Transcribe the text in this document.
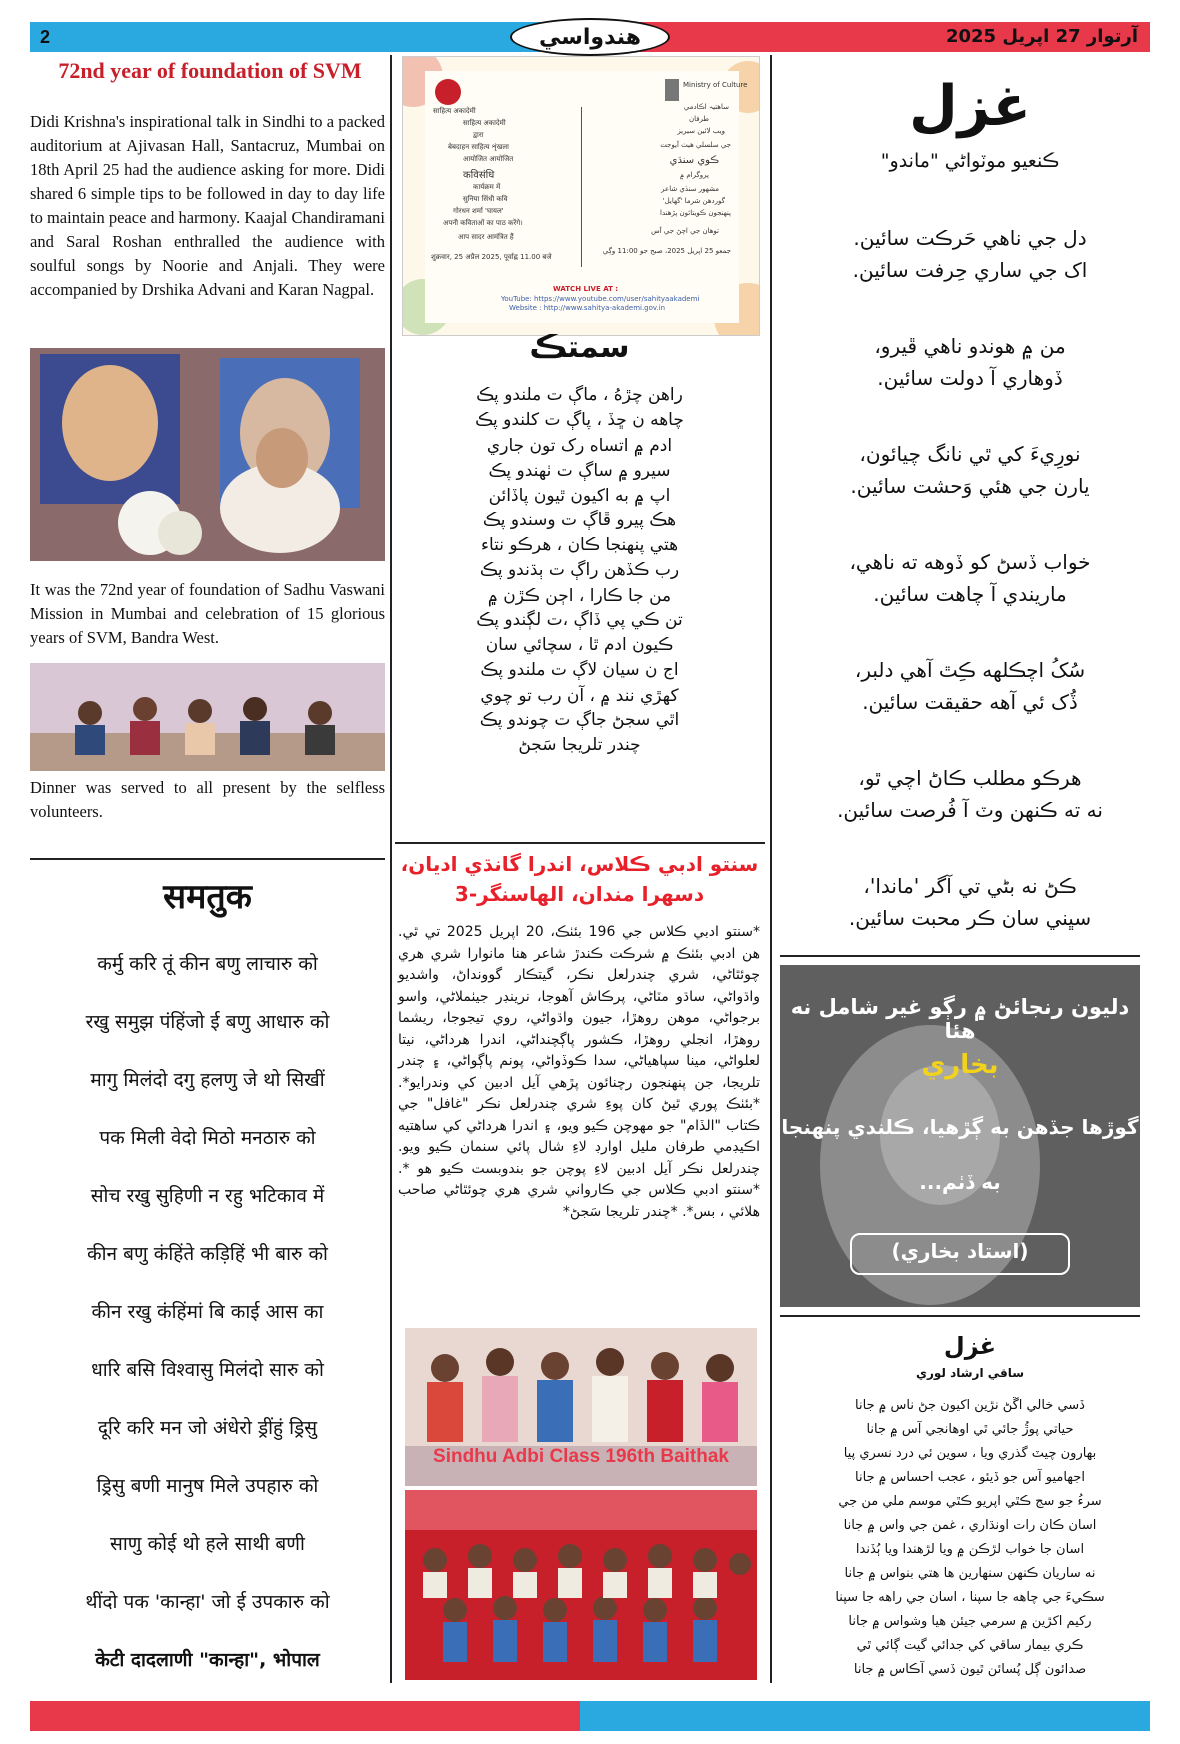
2	هندواسي	آرتوار 27 اپريل 2025
72nd year of foundation of SVM
Didi Krishna's inspirational talk in Sindhi to a packed auditorium at Ajivasan Hall, Santacruz, Mumbai on 18th April 25 had the audience asking for more. Didi shared 6 simple tips to be followed in day to day life to maintain peace and harmony. Kaajal Chandiramani and Saral Roshan enthralled the audience with soulful songs by Noorie and Anjali. They were accompanied by Drshika Advani and Karan Nagpal.
It was the 72nd year of foundation of Sadhu Vaswani Mission in Mumbai and celebration of 15 glorious years of SVM, Bandra West.
Dinner was served to all present by the selfless volunteers.
समतुक
कर्मु करि तूं कीन बणु लाचारु को
रखु समुझ पंहिंजो ई बणु आधारु को
मागु मिलंदो दगु हलणु जे थो सिखीं
पक मिली वेदो मिठो मनठारु को
सोच रखु सुहिणी न रहु भटिकाव में
कीन बणु कंहिंते कड़िहिं भी बारु को
कीन रखु कंहिंमां बि काई आस का
धारि बसि विश्वासु मिलंदो सारु को
दूरि करि मन जो अंधेरो ड्रींहुं ड्रिसु
ड्रिसु बणी मानुष मिले उपहारु को
साणु कोई थो हले साथी बणी
थींदो पक 'कान्हा' जो ई उपकारु को
केटी दादलाणी "कान्हा", भोपाल
साहित्य अकादेमी
Ministry of Culture
साहित्य अकादेमी
द्वारा
बेबदाहन साहित्य शृंखला
आयोजित आयोजित
कविसंधि
कार्यक्रम में
सुनिया सिंधी कवि
गोरधन शर्मा 'घायल'
अपनी कविताओं का पाठ करेंगे।
आप सादर आमंत्रित हैं
शुक्रवार, 25 अप्रैल 2025, पूर्वाह्न 11.00 बजे
ساهتيہ اڪادمي
طرفان
ويب لائين سيريز
جي سلسلي هيٺ آيوجت
ڪوي سنڌي
پروگرام ۾
مشهور سنڌي شاعر
گوردهن شرما 'گهايل'
پنهنجون ڪويتائون پڙهندا
توهان جي اچڻ جي آس
جمعو 25 اپريل 2025، صبح جو 11:00 وڳي
WATCH LIVE AT :
YouTube: https://www.youtube.com/user/sahityaakademi
Website : http://www.sahitya-akademi.gov.in
سمتڪ
راهن چڙهُ ، ماڳ ت ملندو پڪ
چاهه ن ڇڏ ، پاڳ ت کلندو پڪ
ادم ۾ اتساه رک تون جاري
سيرو ۾ ساڳ ت ٺهندو پڪ
اپ ۾ به اکيون ٿيون پاڏائن
هڪ پيرو ڦاڳ ت وسندو پڪ
هتي پنهنجا ڪان ، هرڪو نتاء
رب ڪڏهن راڳ ت ٻڌندو پڪ
من جا ڪارا ، اڄن ڪڙن ۾
تن ڪي پي ڏاڳ ،ت لڳندو پڪ
ڪيون ادم ٿا ، سچائي سان
اج ن سيان لاڳ ت ملندو پڪ
کهڙي نند ۾ ، آن رب تو چوي
اٿي سجڻ جاڳ ت چوندو پڪ
چندر تلريجا سَجڻ
سنتو ادبي ڪلاس، اندرا گانڌي اديان،
دسهرا مندان، الهاسنگر-3
*سنتو ادبي ڪلاس جي 196 بئٺڪ، 20 اپريل 2025 تي ٿي. هن ادبي بئٺڪ ۾ شرڪت ڪندڙ شاعر هنا مانوارا شري هري چوئٿاڻي، شري چندرلعل نڪر، گيتڪار گوونداڻ، واشديو واڌواڻي، ساڌو مٽاڻي، پرڪاش آهوجا، نرينڊر جيٺملاڻي، واسو برجواڻي، موهن روهڙا، جيون واڌواڻي، روي تيجوجا، ريشما روهڙا، انجلي روهڙا، ڪشور پاڳچنداڻي، اندرا هرداڻي، نيتا لعلواڻي، مينا سپاهياڻي، سدا ڪوڏواڻي، پونم پاڳواڻي، ۽ چندر تلريجا، جن پنهنجون رچنائون پڙهي آيل ادبين کي وندرايو*. *بئٺڪ پوري ٿيڻ کان پوءِ شري چندرلعل نڪر "غافل" جي ڪتاب "الڏام" جو مهوچن ڪيو ويو، ۽ اندرا هرداڻي کي ساهتيه اڪيڊمي طرفان مليل اوارڊ لاءِ شال پائي سنمان ڪيو ويو. چندرلعل نڪر آيل ادبين لاءِ پوچن جو بندوبست ڪيو هو *. *سنتو ادبي ڪلاس جي ڪارواني شري هري چوئٿاڻي صاحب هلائي ، بس*. *چندر تلريجا سَجڻ*
Sindhu Adbi Class 196th Baithak
غزل
ڪنعيو موٽواڻي "ماندو"
دل جي ناهي حَرڪت سائين.
اک جي ساري حِرفت سائين.
من ۾ هوندو ناهي ڦيرو،
ڏوهاري آ دولت سائين.
نورِيءَ کي ٿي نانگ چيائون،
يارن جي هئي وَحشت سائين.
خواب ڏسڻ کو ڏوهه ته ناهي،
ماريندي آ چاهت سائين.
سُکُ اچڪلهه ڪِٿ آهي دلبر،
ڏُک ئي آهه حقيقت سائين.
هرڪو مطلب ڪاڻ اچي ٿو،
نه ته ڪنهن وٽ آ فُرصت سائين.
ڪڻ نه بڻي تي آگر 'ماندا'،
سڀني سان ڪر محبت سائين.
دليون رنجائڻ ۾ رڳو غير شامل نه هئا
بخاري
گوڙها جڏهن به ڳڙهيا، ڪلندي پنهنجا
به ڏٺم...
(استاد بخاري)
غزل
ساقي ارشاد لوري
ڏسي خالي اڱڻ نڙين اکيون جڻ ناس ۾ جانا
حياتي پوڙُ جائي ٿي اوهانجي آس ۾ جانا
بهارون چيٽ گذري ويا ، سوين ئي درد نسري پيا
اجهاميو آس جو ڏيئو ، عجب احساس ۾ جانا
سرءُ جو سج ڪٿي اپريو ڪٿي موسم ملي من جي
اسان ڪان رات اونڌاري ، غمن جي واس ۾ جانا
اسان جا خواب لڙڪن ۾ ويا لڙهندا ويا ٻُڏندا
نه ساريان ڪنهن سنهارين ها هتي بنواس ۾ جانا
سڪيءَ جي چاهه جا سپنا ، اسان جي راهه جا سپنا
رکيم اکڙين ۾ سرمي جيئن هيا وشواس ۾ جانا
ڪري بيمار ساقي کي جدائي گيت ڳائي ٿي
صدائون ڳل پُسائن ٿيون ڏسي آڪاس ۾ جانا
